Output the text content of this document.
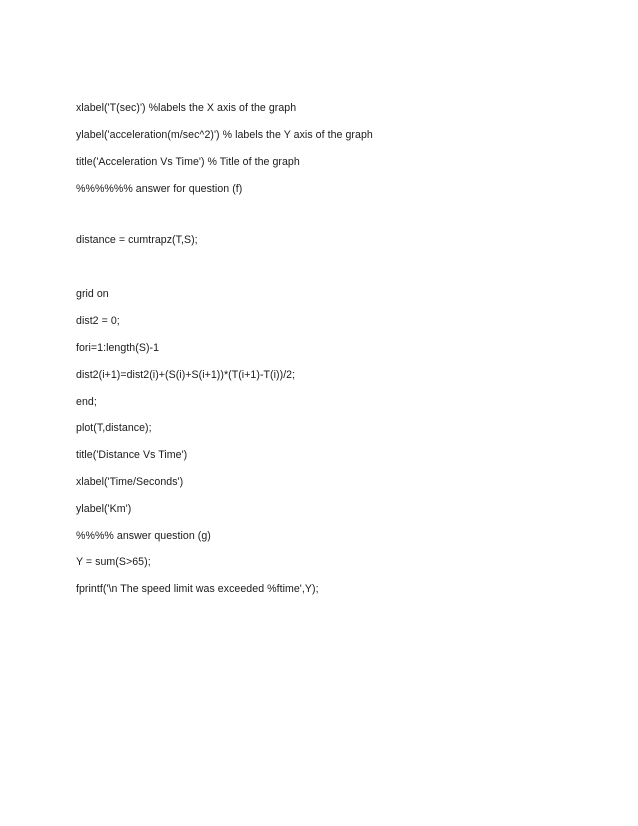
xlabel('T(sec)') %labels the X axis of the graph
ylabel('acceleration(m/sec^2)') % labels the Y axis of the graph
title('Acceleration Vs Time') % Title of the graph
%%%%%% answer for question (f)
distance = cumtrapz(T,S);
grid on
dist2 = 0;
fori=1:length(S)-1
dist2(i+1)=dist2(i)+(S(i)+S(i+1))*(T(i+1)-T(i))/2;
end;
plot(T,distance);
title('Distance Vs Time')
xlabel('Time/Seconds')
ylabel('Km')
%%%% answer question (g)
Y = sum(S>65);
fprintf('\n The speed limit was exceeded %ftime',Y);
